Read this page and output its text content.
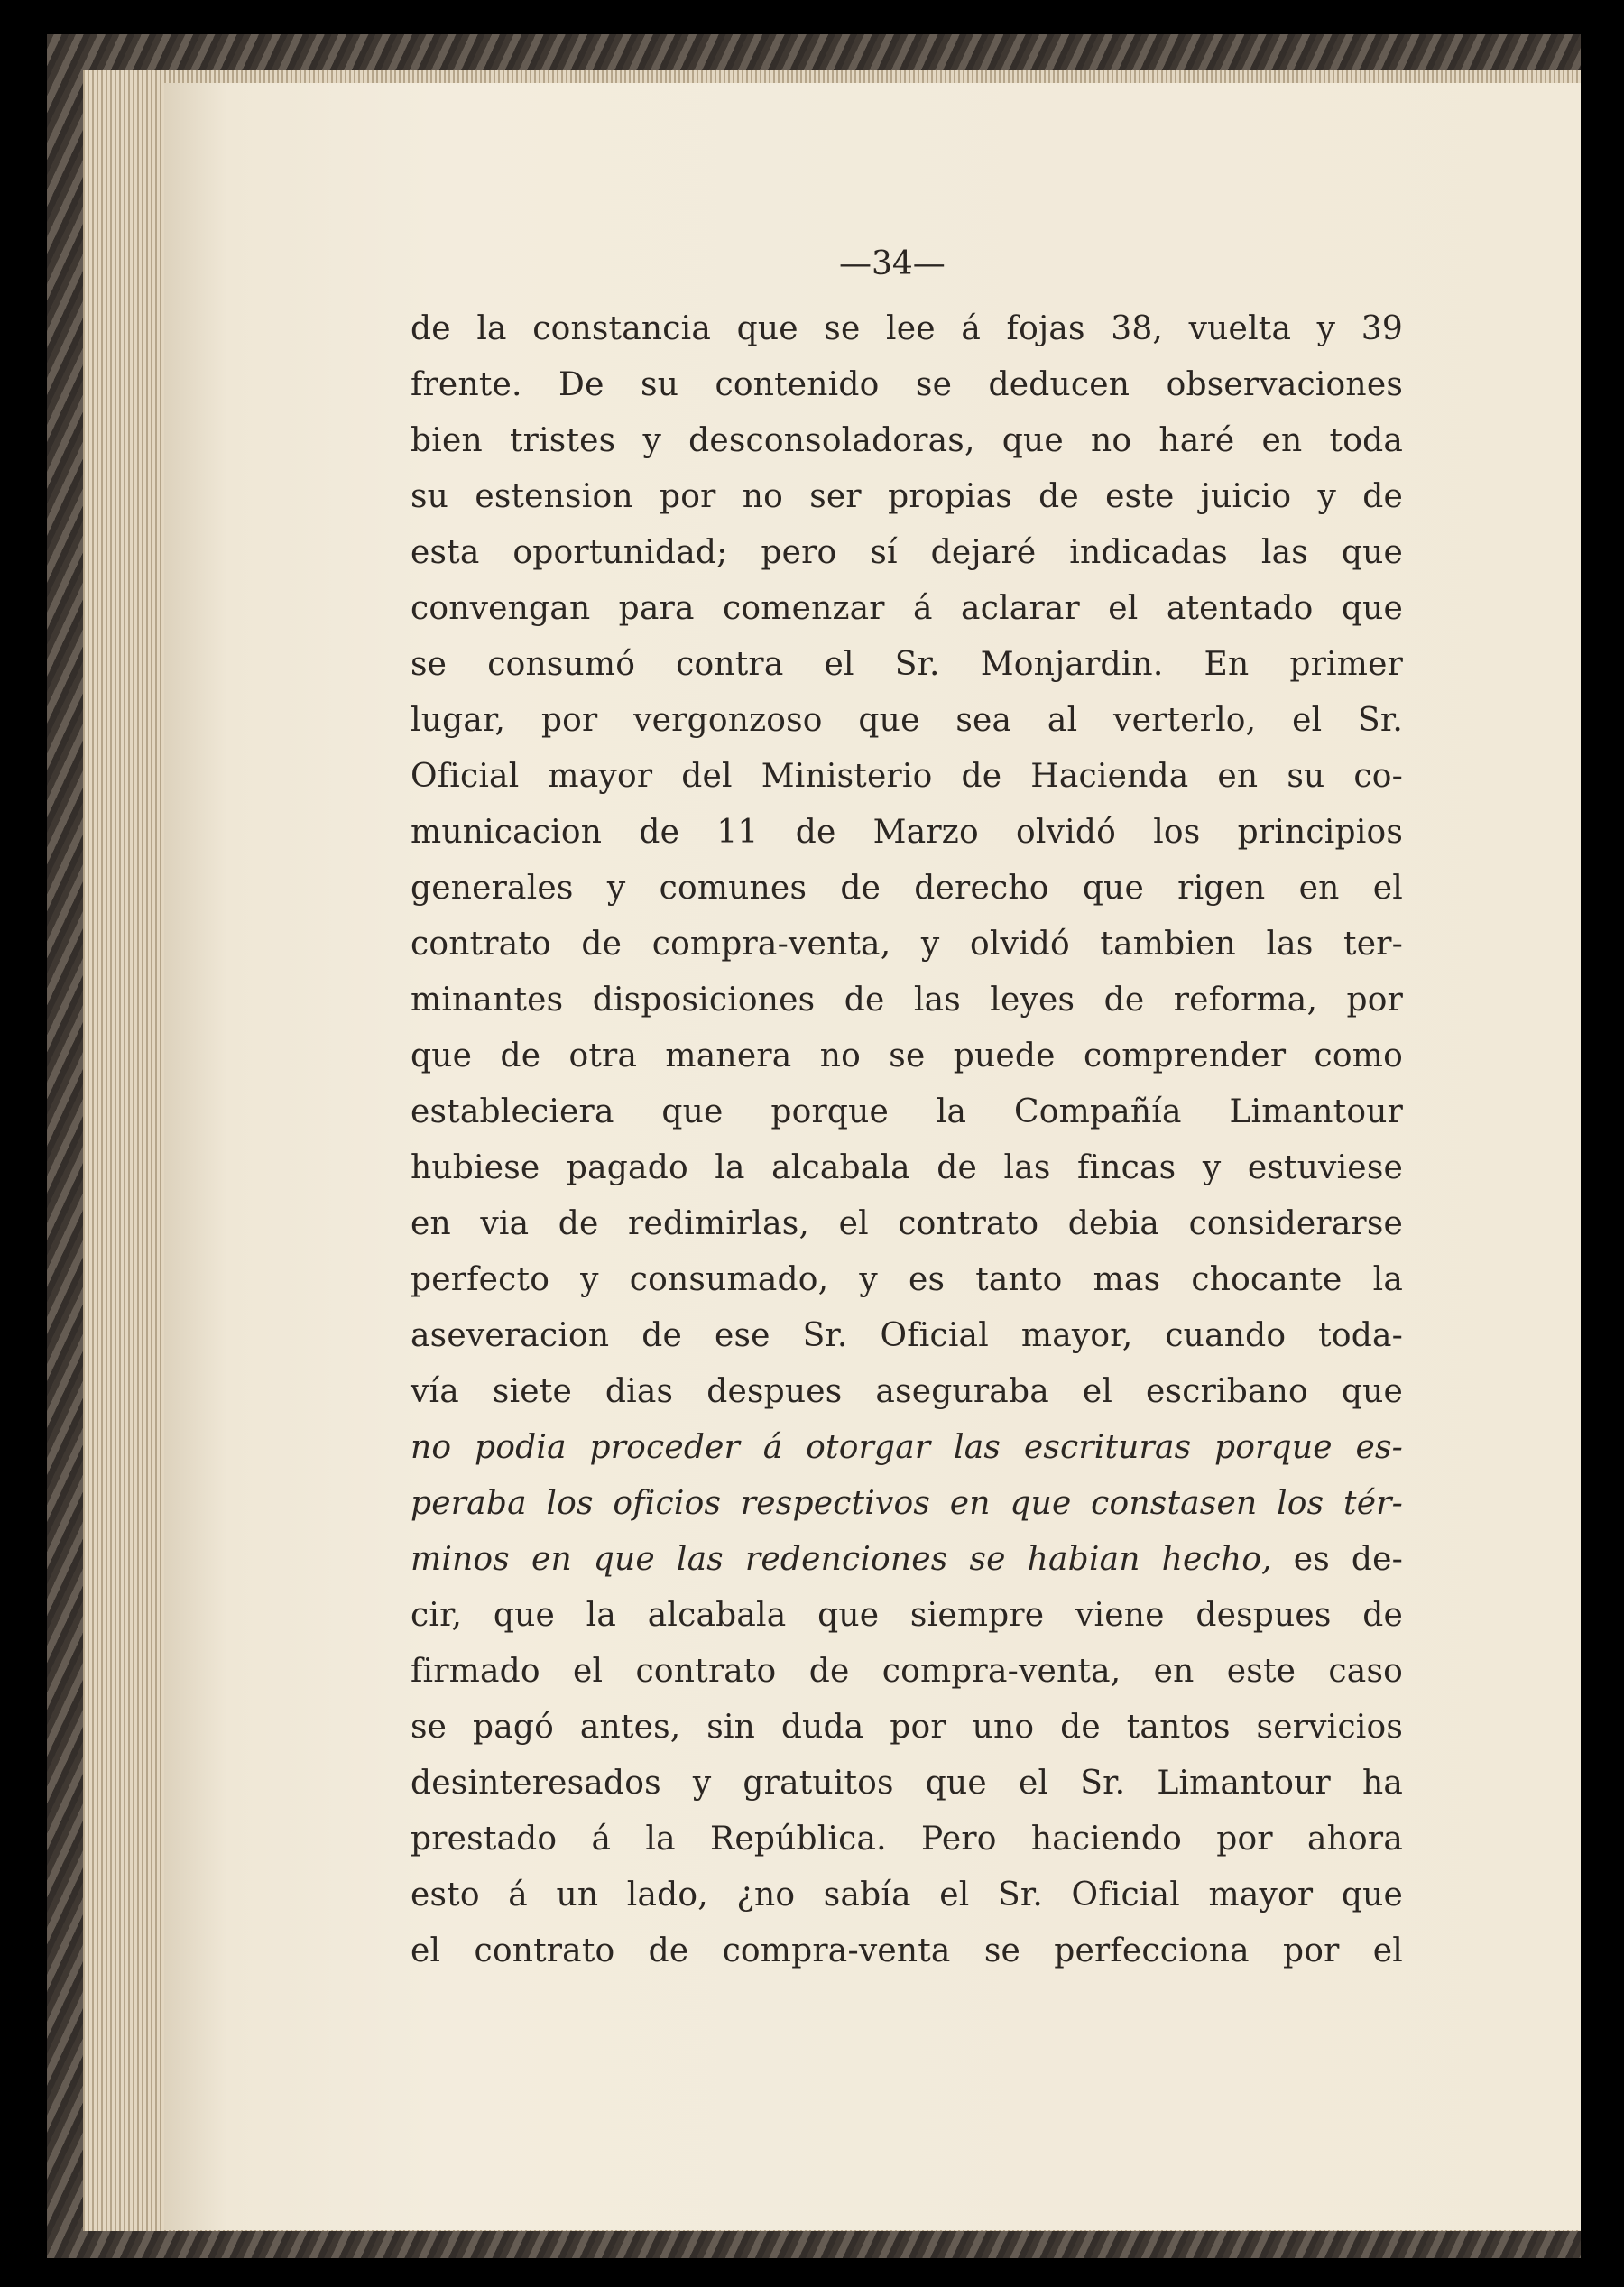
—34—
de la constancia que se lee á fojas 38, vuelta y 39
frente. De su contenido se deducen observaciones
bien tristes y desconsoladoras, que no haré en toda
su estension por no ser propias de este juicio y de
esta oportunidad; pero sí dejaré indicadas las que
convengan para comenzar á aclarar el atentado que
se consumó contra el Sr. Monjardin. En primer
lugar, por vergonzoso que sea al verterlo, el Sr.
Oficial mayor del Ministerio de Hacienda en su co-
municacion de 11 de Marzo olvidó los principios
generales y comunes de derecho que rigen en el
contrato de compra-venta, y olvidó tambien las ter-
minantes disposiciones de las leyes de reforma, por
que de otra manera no se puede comprender como
estableciera que porque la Compañía Limantour
hubiese pagado la alcabala de las fincas y estuviese
en via de redimirlas, el contrato debia considerarse
perfecto y consumado, y es tanto mas chocante la
aseveracion de ese Sr. Oficial mayor, cuando toda-
vía siete dias despues aseguraba el escribano que
no podia proceder á otorgar las escrituras porque es-
peraba los oficios respectivos en que constasen los tér-
minos en que las redenciones se habian hecho, es de-
cir, que la alcabala que siempre viene despues de
firmado el contrato de compra-venta, en este caso
se pagó antes, sin duda por uno de tantos servicios
desinteresados y gratuitos que el Sr. Limantour ha
prestado á la República. Pero haciendo por ahora
esto á un lado, ¿no sabía el Sr. Oficial mayor que
el contrato de compra-venta se perfecciona por el
